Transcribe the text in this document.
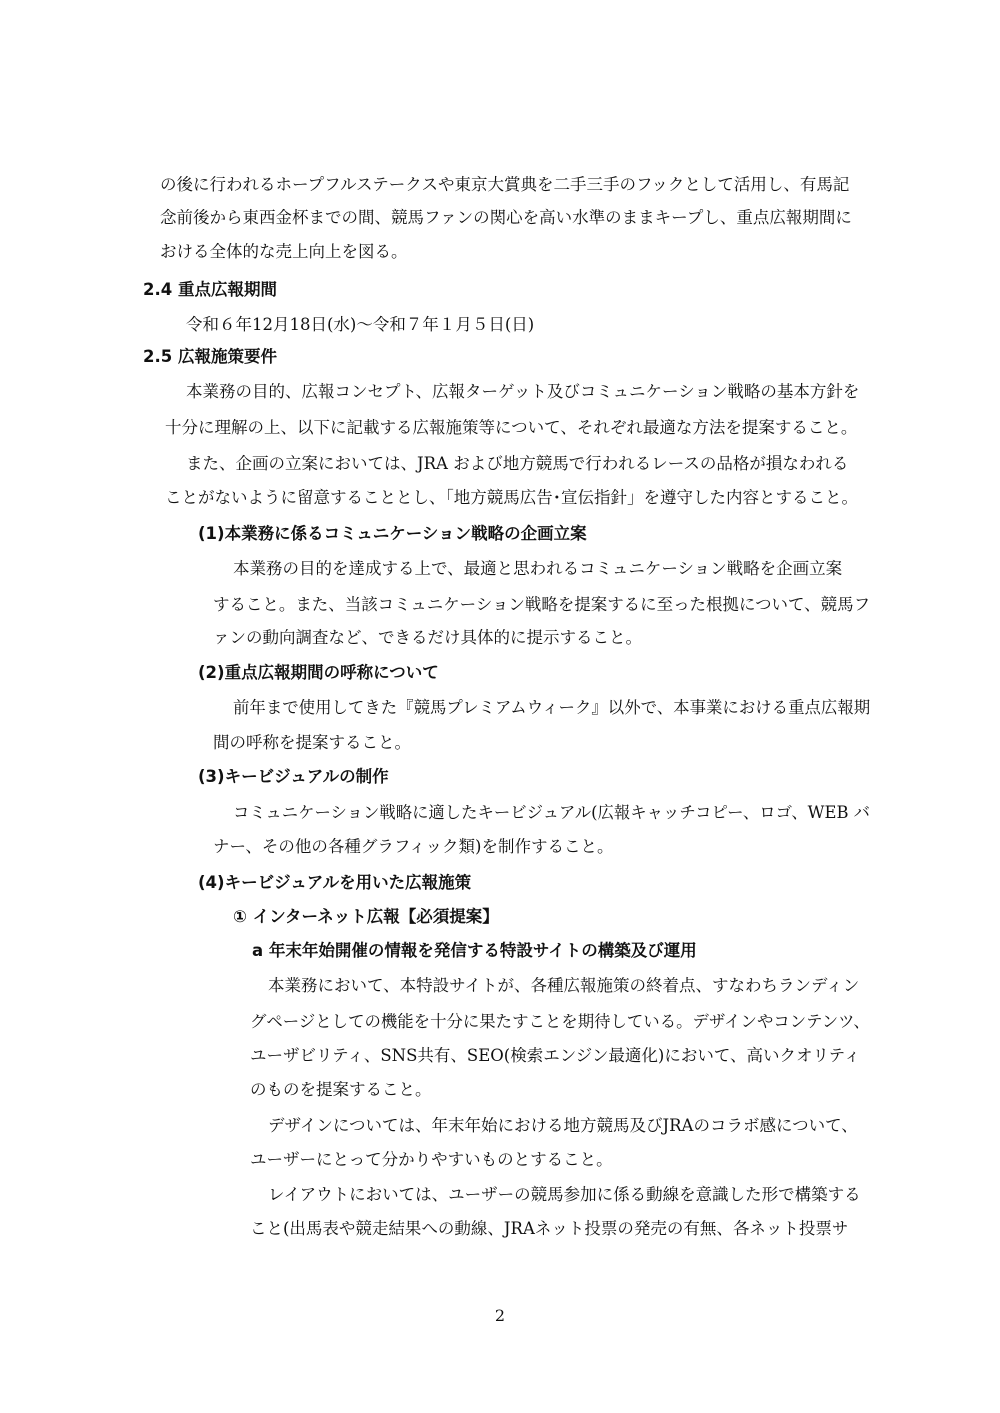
の後に行われるホープフルステークスや東京大賞典を二手三手のフックとして活用し、有馬記
念前後から東西金杯までの間、競馬ファンの関心を高い水準のままキープし、重点広報期間に
おける全体的な売上向上を図る。
2.4 重点広報期間
令和６年12月18日(水)～令和７年１月５日(日)
2.5 広報施策要件
本業務の目的、広報コンセプト、広報ターゲット及びコミュニケーション戦略の基本方針を
十分に理解の上、以下に記載する広報施策等について、それぞれ最適な方法を提案すること。
また、企画の立案においては、JRA および地方競馬で行われるレースの品格が損なわれる
ことがないように留意することとし、「地方競馬広告･宣伝指針」を遵守した内容とすること。
(1)本業務に係るコミュニケーション戦略の企画立案
本業務の目的を達成する上で、最適と思われるコミュニケーション戦略を企画立案
すること。また、当該コミュニケーション戦略を提案するに至った根拠について、競馬フ
ァンの動向調査など、できるだけ具体的に提示すること。
(2)重点広報期間の呼称について
前年まで使用してきた『競馬プレミアムウィーク』以外で、本事業における重点広報期
間の呼称を提案すること。
(3)キービジュアルの制作
コミュニケーション戦略に適したキービジュアル(広報キャッチコピー、ロゴ、WEB バ
ナー、その他の各種グラフィック類)を制作すること。
(4)キービジュアルを用いた広報施策
① インターネット広報【必須提案】
a 年末年始開催の情報を発信する特設サイトの構築及び運用
本業務において、本特設サイトが、各種広報施策の終着点、すなわちランディン
グページとしての機能を十分に果たすことを期待している。デザインやコンテンツ、
ユーザビリティ、SNS共有、SEO(検索エンジン最適化)において、高いクオリティ
のものを提案すること。
デザインについては、年末年始における地方競馬及びJRAのコラボ感について、
ユーザーにとって分かりやすいものとすること。
レイアウトにおいては、ユーザーの競馬参加に係る動線を意識した形で構築する
こと(出馬表や競走結果への動線、JRAネット投票の発売の有無、各ネット投票サ
2
